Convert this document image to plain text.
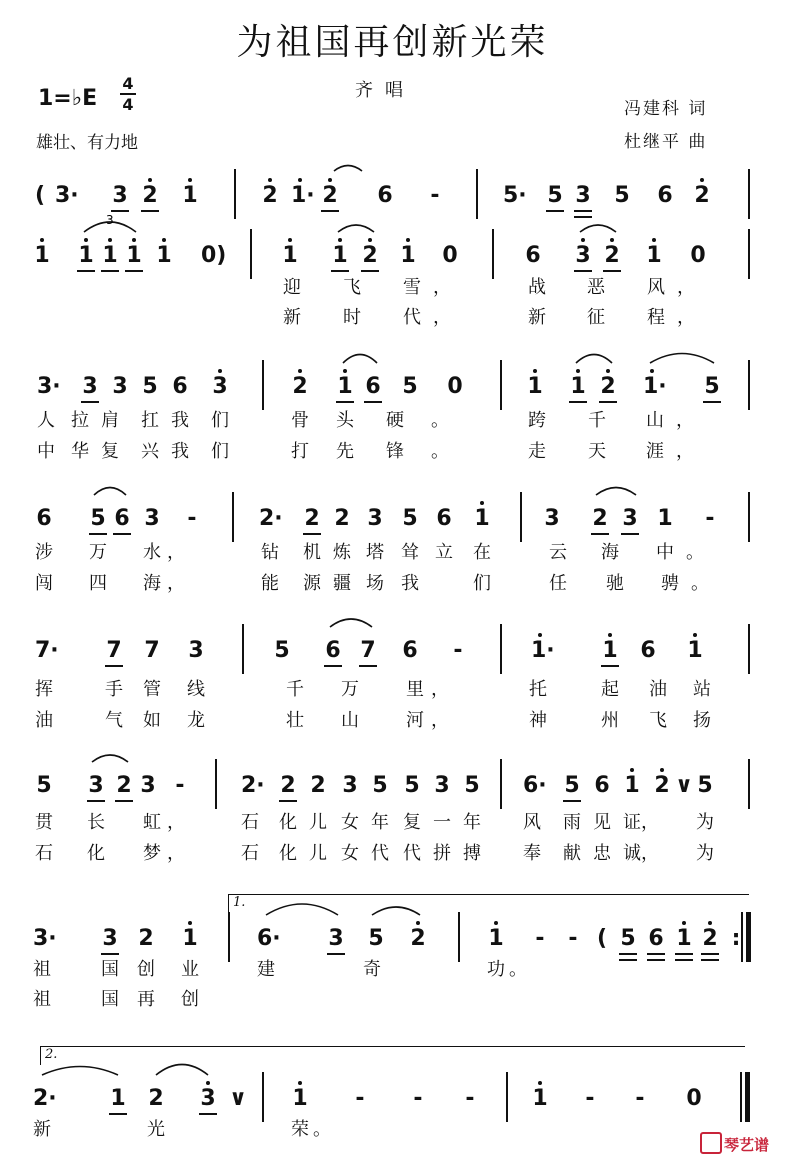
为祖国再创新光荣
齐唱
1=♭E
4
4
雄壮、有力地
冯建科 词
杜继平 曲
( 3· 3 2 1	2 1· 2 6 -	5· 5 3 5 6 2
1 1 1 1 1 0)	1 1 2 1 0	6 3 2 1 0
3· 3 3 5 6 3	2 1 6 5 0	1 1 2 1· 5
6 5 6 3 -	2· 2 2 3 5 6 1 3 2 3 1 -
7· 7 7 3	5 6 7 6 -	1· 1 6 1
5 3 2 3 -	2· 2 2 3 5 5 3 5 6· 5 6 1 2 ∨ 5
3· 3 2 1	6· 3 5 2	1 - - ( 5 6 1 2 :
2· 1 2 3 ∨ 1 - - -	1 - - 0
迎 飞 雪 ，	战 恶 风 ，
新 时 代 ，	新 征 程 ，
人 拉 肩 扛 我 们	骨 头 硬 。	跨 千 山 ，
中 华 复 兴 我 们	打 先 锋 。	走 天 涯 ，
涉 万 水 ，	钻 机 炼 塔 耸 立 在	云 海 中 。
闯 四 海 ，	能 源 疆 场 我	们	任 驰 骋 。
挥	手 管 线	千 万	里 ，	托	起 油 站
油	气 如 龙	壮 山	河 ，	神	州 飞 扬
贯 长 虹 ，	石 化 儿 女 年 复 一 年 风 雨 见 证 ， 为
石 化 梦 ，	石 化 儿 女 代 代 拼 搏 奉 献 忠 诚 ， 为
祖	国 创 业	建	奇	功 。
祖	国 再 创
新	光	荣 。
3
1.
2.
琴艺谱
